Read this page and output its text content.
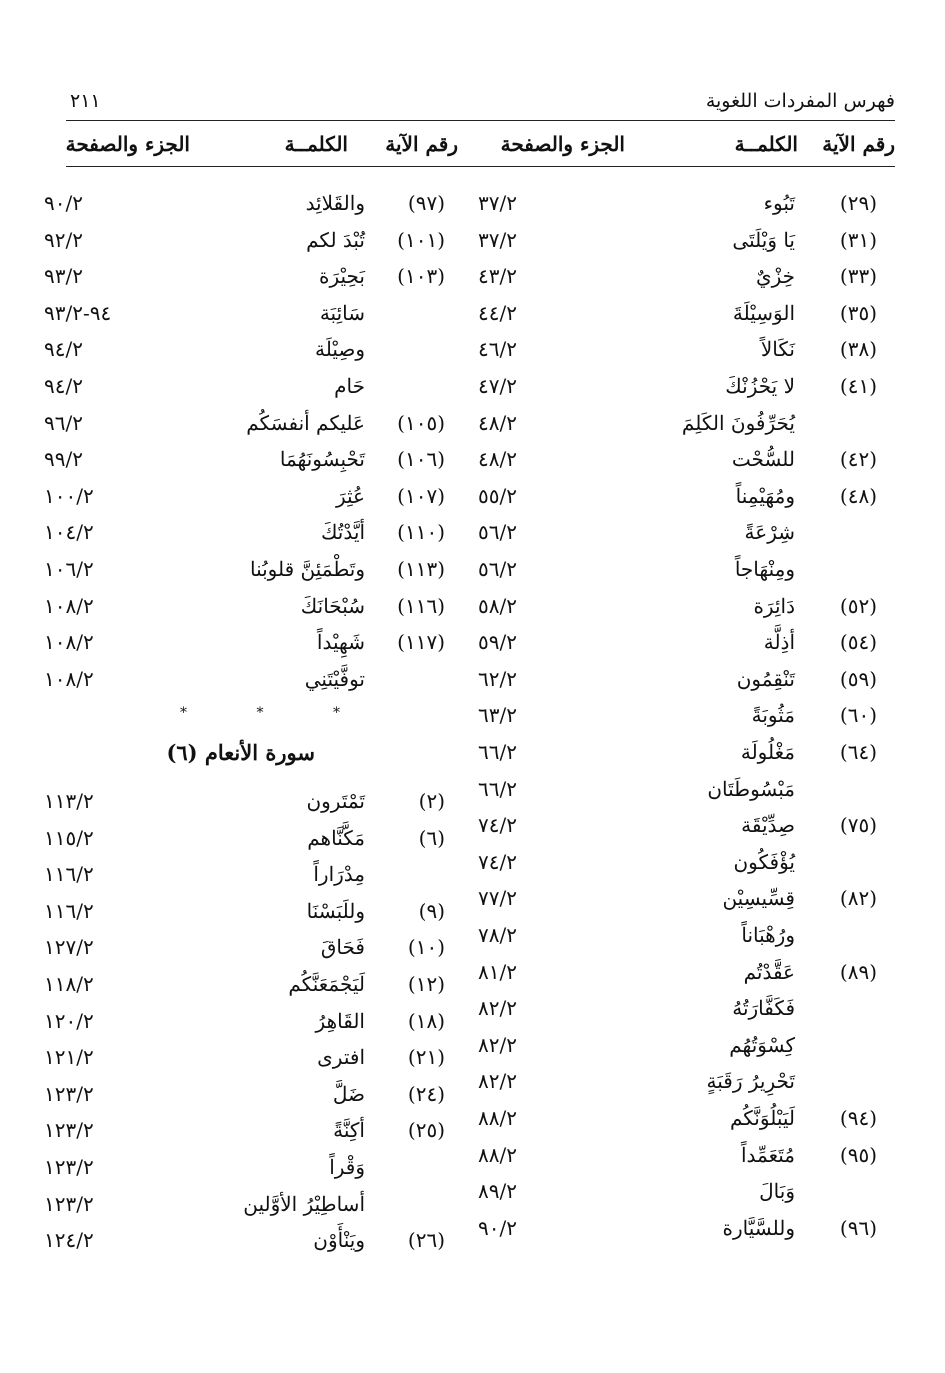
فهرس المفردات اللغوية
٢١١
رقم الآية
الكلمــة
الجزء والصفحة
رقم الآية
الكلمــة
الجزء والصفحة
(٢٩)
تَبُوء
٣٧/٢
(٣١)
يَا وَيْلَتَى
٣٧/٢
(٣٣)
خِزْيٌ
٤٣/٢
(٣٥)
الوَسِيْلَةَ
٤٤/٢
(٣٨)
نَكَالاً
٤٦/٢
(٤١)
لا يَحْزُنْكَ
٤٧/٢
يُحَرِّفُونَ الكَلِمَ
٤٨/٢
(٤٢)
للسُّحْت
٤٨/٢
(٤٨)
ومُهَيْمِناً
٥٥/٢
شِرْعَةً
٥٦/٢
ومِنْهَاجاً
٥٦/٢
(٥٢)
دَائِرَة
٥٨/٢
(٥٤)
أذِلَّة
٥٩/٢
(٥٩)
تَنْقِمُون
٦٢/٢
(٦٠)
مَثُوبَةً
٦٣/٢
(٦٤)
مَغْلُولَة
٦٦/٢
مَبْسُوطَتَان
٦٦/٢
(٧٥)
صِدِّيْقَة
٧٤/٢
يُؤْفَكُون
٧٤/٢
(٨٢)
قِسِّيسِيْن
٧٧/٢
ورُهْبَاناً
٧٨/٢
(٨٩)
عَقَّدْتُم
٨١/٢
فَكَفَّارَتُهُ
٨٢/٢
كِسْوَتُهُم
٨٢/٢
تَحْرِيرُ رَقَبَةٍ
٨٢/٢
(٩٤)
لَيَبْلُوَنَّكُم
٨٨/٢
(٩٥)
مُتَعَمِّداً
٨٨/٢
وَبَالَ
٨٩/٢
(٩٦)
وللسَّيَّارة
٩٠/٢
(٩٧)
والقَلائِد
٩٠/٢
(١٠١)
تُبْدَ لكم
٩٢/٢
(١٠٣)
بَحِيْرَة
٩٣/٢
سَائِبَة
٩٣/٢-٩٤
وصِيْلَة
٩٤/٢
حَام
٩٤/٢
(١٠٥)
عَليكم أنفسَكُم
٩٦/٢
(١٠٦)
تَحْبِسُونَهُمَا
٩٩/٢
(١٠٧)
عُثِرَ
١٠٠/٢
(١١٠)
أيَّدْتُكَ
١٠٤/٢
(١١٣)
وتَطْمَئِنَّ قلوبُنا
١٠٦/٢
(١١٦)
سُبْحَانَكَ
١٠٨/٢
(١١٧)
شَهِيْداً
١٠٨/٢
توفَّيْتَنِي
١٠٨/٢
(٢)
تَمْتَرون
١١٣/٢
(٦)
مَكَّنَّاهم
١١٥/٢
مِدْرَاراً
١١٦/٢
(٩)
وللَبَسْنَا
١١٦/٢
(١٠)
فَحَاقَ
١٢٧/٢
(١٢)
لَيَجْمَعَنَّكُم
١١٨/٢
(١٨)
القَاهِرُ
١٢٠/٢
(٢١)
افترى
١٢١/٢
(٢٤)
ضَلَّ
١٢٣/٢
(٢٥)
أكِنَّةً
١٢٣/٢
وَقْراً
١٢٣/٢
أساطِيْرُ الأوَّلين
١٢٣/٢
(٢٦)
ويَنْأَوْن
١٢٤/٢
*	*	*
سورة الأنعام (٦)
